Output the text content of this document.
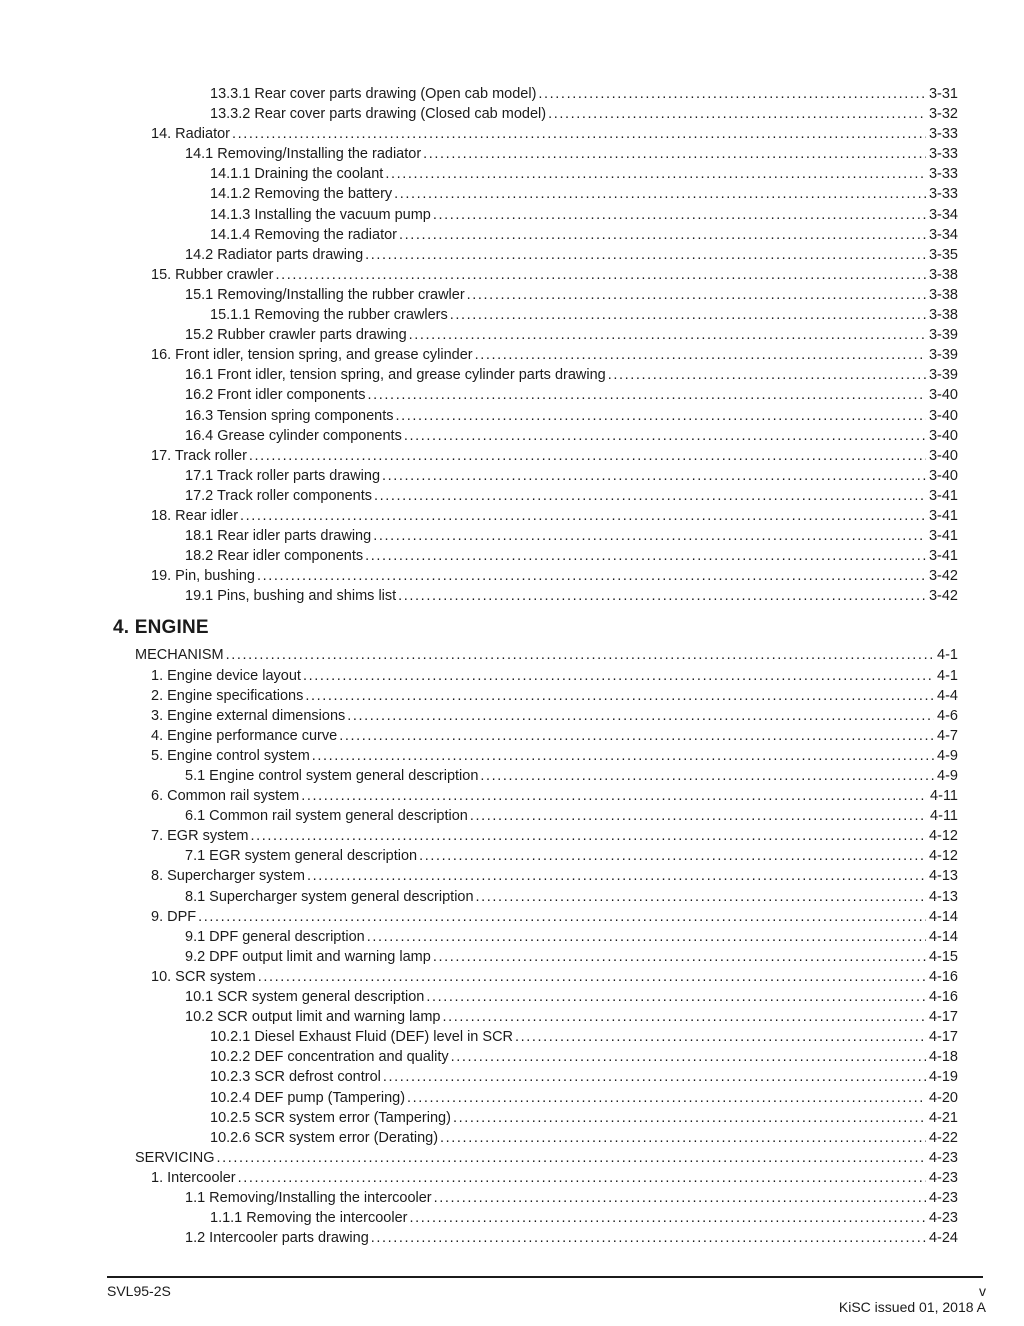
13.3.1 Rear cover parts drawing (Open cab model) .....	3-31
13.3.2 Rear cover parts drawing (Closed cab model) .....	3-32
14. Radiator .....	3-33
14.1 Removing/Installing the radiator .....	3-33
14.1.1 Draining the coolant .....	3-33
14.1.2 Removing the battery .....	3-33
14.1.3 Installing the vacuum pump .....	3-34
14.1.4 Removing the radiator .....	3-34
14.2 Radiator parts drawing .....	3-35
15. Rubber crawler .....	3-38
15.1 Removing/Installing the rubber crawler .....	3-38
15.1.1 Removing the rubber crawlers .....	3-38
15.2 Rubber crawler parts drawing .....	3-39
16. Front idler, tension spring, and grease cylinder .....	3-39
16.1 Front idler, tension spring, and grease cylinder parts drawing .....	3-39
16.2 Front idler components .....	3-40
16.3 Tension spring components .....	3-40
16.4 Grease cylinder components .....	3-40
17. Track roller .....	3-40
17.1 Track roller parts drawing .....	3-40
17.2 Track roller components .....	3-41
18. Rear idler .....	3-41
18.1 Rear idler parts drawing .....	3-41
18.2 Rear idler components .....	3-41
19. Pin, bushing .....	3-42
19.1 Pins, bushing and shims list .....	3-42
4. ENGINE
MECHANISM .....	4-1
1. Engine device layout .....	4-1
2. Engine specifications .....	4-4
3. Engine external dimensions .....	4-6
4. Engine performance curve .....	4-7
5. Engine control system .....	4-9
5.1 Engine control system general description .....	4-9
6. Common rail system .....	4-11
6.1 Common rail system general description .....	4-11
7. EGR system .....	4-12
7.1 EGR system general description .....	4-12
8. Supercharger system .....	4-13
8.1 Supercharger system general description .....	4-13
9. DPF .....	4-14
9.1 DPF general description .....	4-14
9.2 DPF output limit and warning lamp .....	4-15
10. SCR system .....	4-16
10.1 SCR system general description .....	4-16
10.2 SCR output limit and warning lamp .....	4-17
10.2.1 Diesel Exhaust Fluid (DEF) level in SCR .....	4-17
10.2.2 DEF concentration and quality .....	4-18
10.2.3 SCR defrost control .....	4-19
10.2.4 DEF pump (Tampering) .....	4-20
10.2.5 SCR system error (Tampering) .....	4-21
10.2.6 SCR system error (Derating) .....	4-22
SERVICING .....	4-23
1. Intercooler .....	4-23
1.1 Removing/Installing the intercooler .....	4-23
1.1.1 Removing the intercooler .....	4-23
1.2 Intercooler parts drawing .....	4-24
SVL95-2S	v
KiSC issued 01, 2018 A
